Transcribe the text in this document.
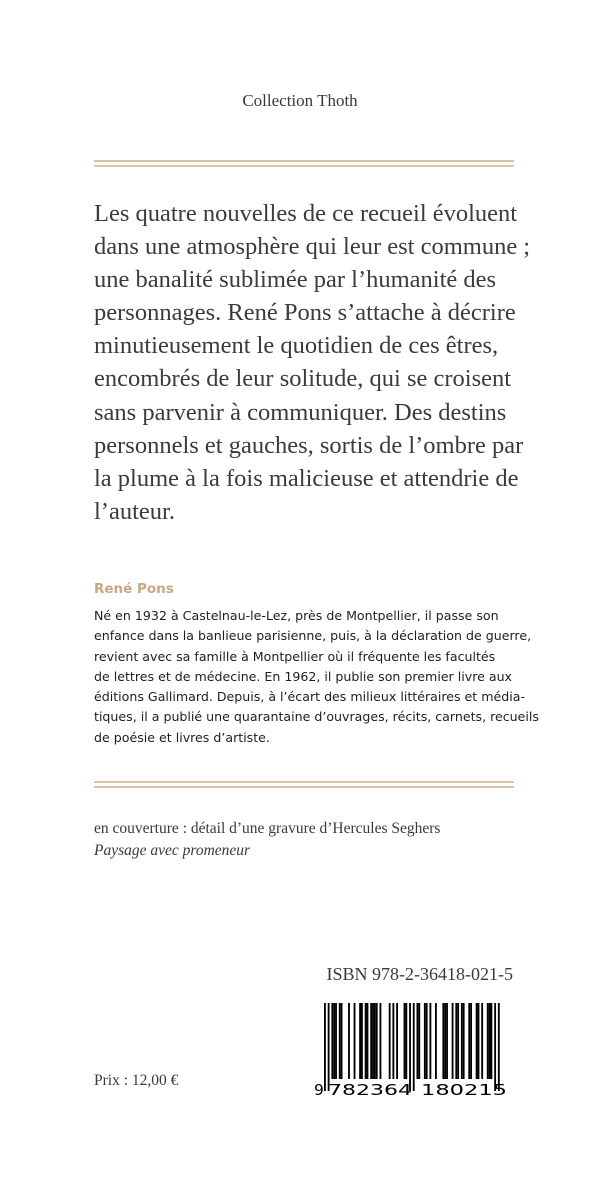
Collection Thoth

Les quatre nouvelles de ce recueil évoluent
dans une atmosphère qui leur est commune ;
une banalité sublimée par l’humanité des
personnages. René Pons s’attache à décrire
minutieusement le quotidien de ces êtres,
encombrés de leur solitude, qui se croisent
sans parvenir à communiquer. Des destins
personnels et gauches, sortis de l’ombre par
la plume à la fois malicieuse et attendrie de
l’auteur.

René Pons

Né en 1932 à Castelnau-le-Lez, près de Montpellier, il passe son
enfance dans la banlieue parisienne, puis, à la déclaration de guerre,
revient avec sa famille à Montpellier où il fréquente les facultés
de lettres et de médecine. En 1962, il publie son premier livre aux
éditions Gallimard. Depuis, à l’écart des milieux littéraires et média-
tiques, il a publié une quarantaine d’ouvrages, récits, carnets, recueils
de poésie et livres d’artiste.

en couverture : détail d’une gravure d’Hercules Seghers
Paysage avec promeneur
ISBN 978-2-36418-021-5
9 782364 180215
Prix : 12,00 €
